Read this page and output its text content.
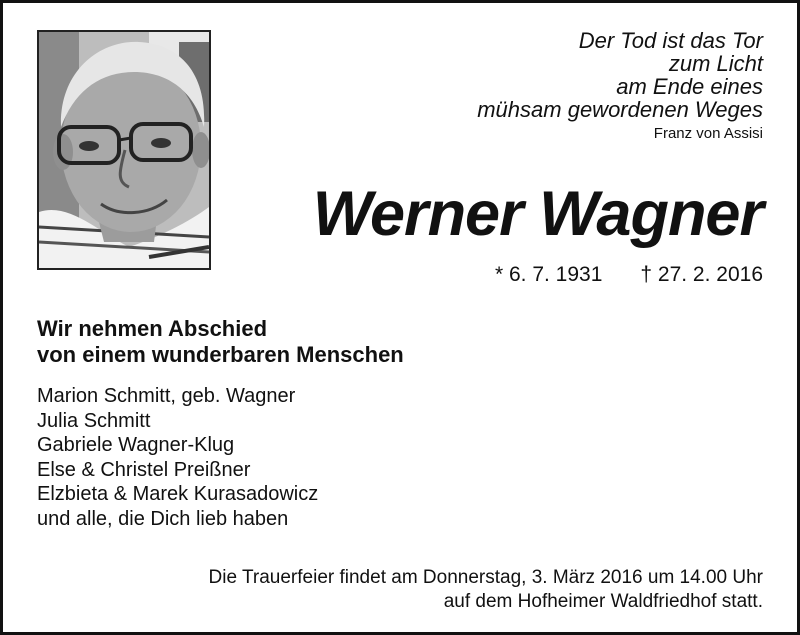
Der Tod ist das Tor
zum Licht
am Ende eines
mühsam gewordenen Weges
Franz von Assisi
Werner Wagner
* 6. 7. 1931 † 27. 2. 2016
Wir nehmen Abschied
von einem wunderbaren Menschen
Marion Schmitt, geb. Wagner
Julia Schmitt
Gabriele Wagner-Klug
Else & Christel Preißner
Elzbieta & Marek Kurasadowicz
und alle, die Dich lieb haben
Die Trauerfeier findet am Donnerstag, 3. März 2016 um 14.00 Uhr
auf dem Hofheimer Waldfriedhof statt.
